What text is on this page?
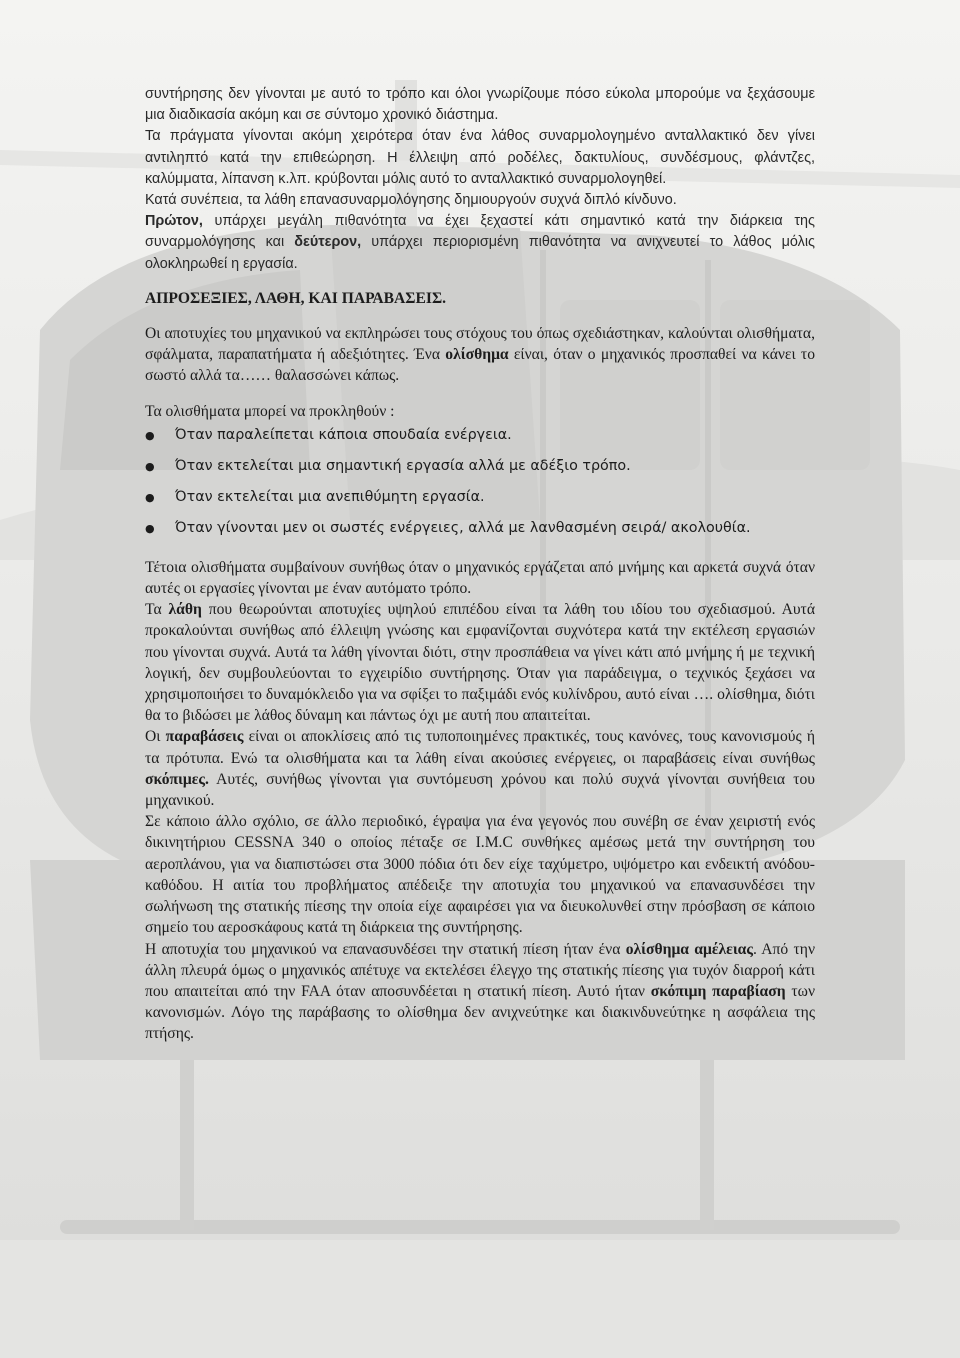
συντήρησης δεν γίνονται με αυτό το τρόπο και όλοι γνωρίζουμε πόσο εύκολα μπορούμε να ξεχάσουμε μια διαδικασία ακόμη και σε σύντομο χρονικό διάστημα.

Τα πράγματα γίνονται ακόμη χειρότερα όταν ένα λάθος συναρμολογημένο ανταλλακτικό δεν γίνει αντιληπτό κατά την επιθεώρηση. Η έλλειψη από ροδέλες, δακτυλίους, συνδέσμους, φλάντζες, καλύμματα, λίπανση κ.λπ. κρύβονται μόλις αυτό το ανταλλακτικό συναρμολογηθεί.

Κατά συνέπεια, τα λάθη επανασυναρμολόγησης δημιουργούν συχνά διπλό κίνδυνο.

Πρώτον, υπάρχει μεγάλη πιθανότητα να έχει ξεχαστεί κάτι σημαντικό κατά την διάρκεια της συναρμολόγησης και δεύτερον, υπάρχει περιορισμένη πιθανότητα να ανιχνευτεί το λάθος μόλις ολοκληρωθεί η εργασία.

ΑΠΡΟΣΕΞΙΕΣ, ΛΑΘΗ, ΚΑΙ ΠΑΡΑΒΑΣΕΙΣ.

Οι αποτυχίες του μηχανικού να εκπληρώσει τους στόχους του όπως σχεδιάστηκαν, καλούνται ολισθήματα, σφάλματα, παραπατήματα ή αδεξιότητες. Ένα ολίσθημα είναι, όταν ο μηχανικός προσπαθεί να κάνει το σωστό αλλά τα…… θαλασσώνει κάπως.

Τα ολισθήματα μπορεί να προκληθούν :

● Όταν παραλείπεται κάποια σπουδαία ενέργεια.
● Όταν εκτελείται μια σημαντική εργασία αλλά με αδέξιο τρόπο.
● Όταν εκτελείται μια ανεπιθύμητη εργασία.
● Όταν γίνονται μεν οι σωστές ενέργειες, αλλά με λανθασμένη σειρά/ ακολουθία.

Τέτοια ολισθήματα συμβαίνουν συνήθως όταν ο μηχανικός εργάζεται από μνήμης και αρκετά συχνά όταν αυτές οι εργασίες γίνονται με έναν αυτόματο τρόπο.

Τα λάθη που θεωρούνται αποτυχίες υψηλού επιπέδου είναι τα λάθη του ιδίου του σχεδιασμού. Αυτά προκαλούνται συνήθως από έλλειψη γνώσης και εμφανίζονται συχνότερα κατά την εκτέλεση εργασιών που γίνονται συχνά. Αυτά τα λάθη γίνονται διότι, στην προσπάθεια να γίνει κάτι από μνήμης ή με τεχνική λογική, δεν συμβουλεύονται το εγχειρίδιο συντήρησης. Όταν για παράδειγμα, ο τεχνικός ξεχάσει να χρησιμοποιήσει το δυναμόκλειδο για να σφίξει το παξιμάδι ενός κυλίνδρου, αυτό είναι …. ολίσθημα, διότι θα το βιδώσει με λάθος δύναμη και πάντως όχι με αυτή που απαιτείται.

Οι παραβάσεις είναι οι αποκλίσεις από τις τυποποιημένες πρακτικές, τους κανόνες, τους κανονισμούς ή τα πρότυπα. Ενώ τα ολισθήματα και τα λάθη είναι ακούσιες ενέργειες, οι παραβάσεις είναι συνήθως σκόπιμες. Αυτές, συνήθως γίνονται για συντόμευση χρόνου και πολύ συχνά γίνονται συνήθεια του μηχανικού.

Σε κάποιο άλλο σχόλιο, σε άλλο περιοδικό, έγραψα για ένα γεγονός που συνέβη σε έναν χειριστή ενός δικινητήριου CESSNA 340 ο οποίος πέταξε σε I.M.C συνθήκες αμέσως μετά την συντήρηση του αεροπλάνου, για να διαπιστώσει στα 3000 πόδια ότι δεν είχε ταχύμετρο, υψόμετρο και ενδεικτή ανόδου-καθόδου. Η αιτία του προβλήματος απέδειξε την αποτυχία του μηχανικού να επανασυνδέσει την σωλήνωση της στατικής πίεσης την οποία είχε αφαιρέσει για να διευκολυνθεί στην πρόσβαση σε κάποιο σημείο του αεροσκάφους κατά τη διάρκεια της συντήρησης.

Η αποτυχία του μηχανικού να επανασυνδέσει την στατική πίεση ήταν ένα ολίσθημα αμέλειας. Από την άλλη πλευρά όμως ο μηχανικός απέτυχε να εκτελέσει έλεγχο της στατικής πίεσης για τυχόν διαρροή κάτι που απαιτείται από την FAA όταν αποσυνδέεται η στατική πίεση. Αυτό ήταν σκόπιμη παραβίαση των κανονισμών. Λόγο της παράβασης το ολίσθημα δεν ανιχνεύτηκε και διακινδυνεύτηκε η ασφάλεια της πτήσης.
